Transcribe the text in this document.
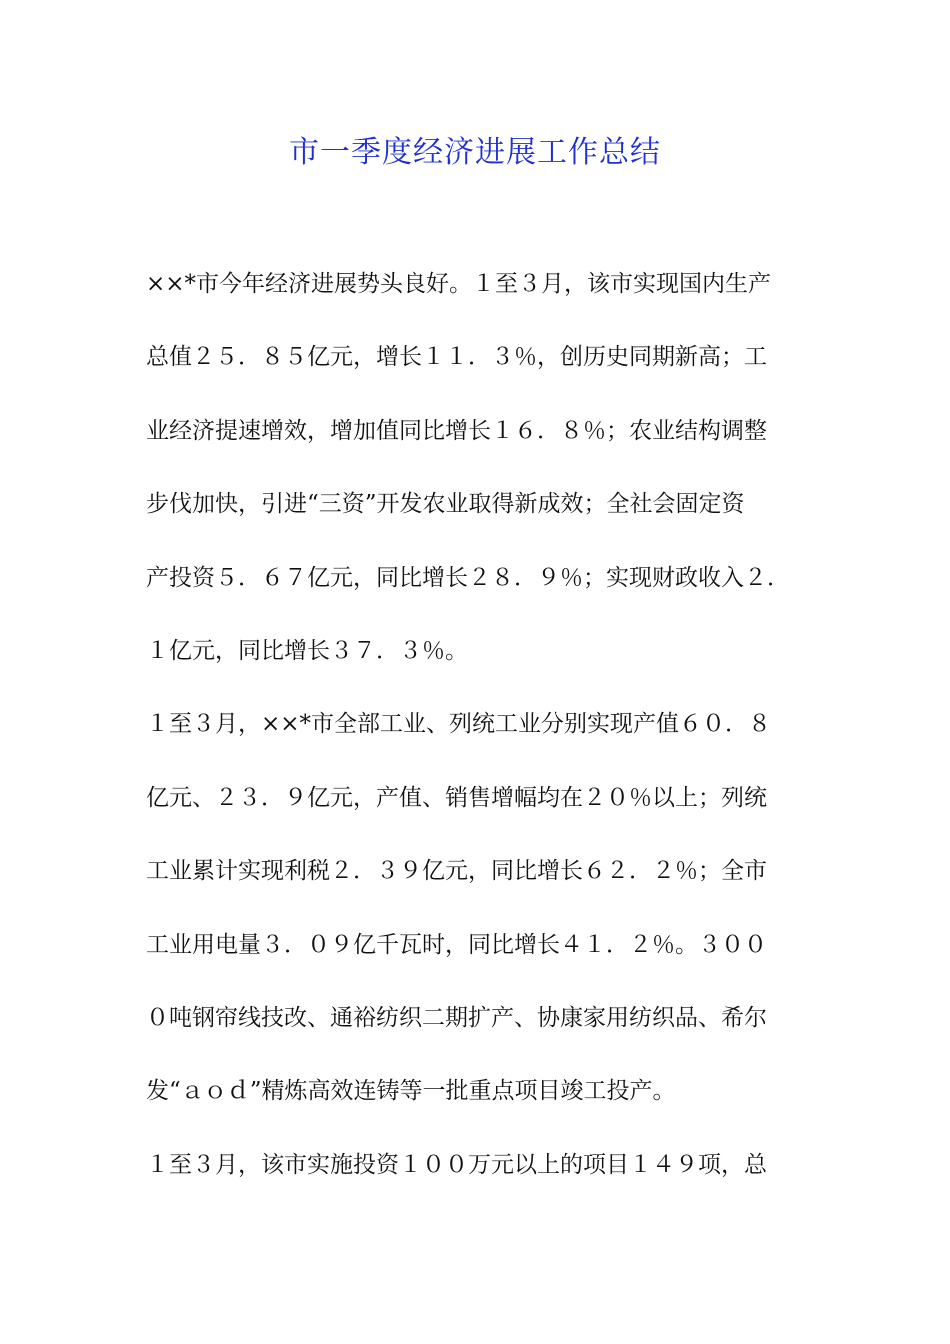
市一季度经济进展工作总结
××*市今年经济进展势头良好。１至３月，该市实现国内生产
总值２５．８５亿元，增长１１．３％，创历史同期新高；工
业经济提速增效，增加值同比增长１６．８％；农业结构调整
步伐加快，引进“三资”开发农业取得新成效；全社会固定资
产投资５．６７亿元，同比增长２８．９％；实现财政收入２．
１亿元，同比增长３７．３％。
１至３月，××*市全部工业、列统工业分别实现产值６０．８
亿元、２３．９亿元，产值、销售增幅均在２０％以上；列统
工业累计实现利税２．３９亿元，同比增长６２．２％；全市
工业用电量３．０９亿千瓦时，同比增长４１．２％。３００
０吨钢帘线技改、通裕纺织二期扩产、协康家用纺织品、希尔
发“ａｏｄ”精炼高效连铸等一批重点项目竣工投产。
１至３月，该市实施投资１００万元以上的项目１４９项，总
